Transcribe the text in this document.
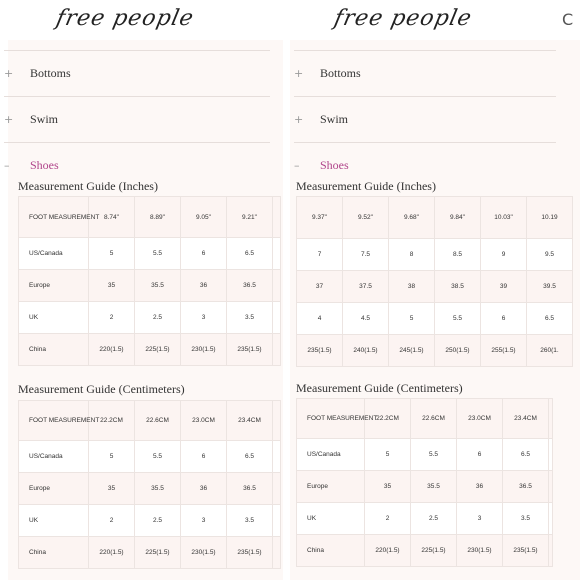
free people
+	Bottoms
+	Swim
–	Shoes
Measurement Guide (Inches)
FOOT MEASUREMENT	8.74"	8.89"	9.05"	9.21"	
US/Canada	5	5.5	6	6.5	
Europe	35	35.5	36	36.5	
UK	2	2.5	3	3.5	
China	220(1.5)	225(1.5)	230(1.5)	235(1.5)	
Measurement Guide (Centimeters)
FOOT MEASUREMENT	22.2CM	22.6CM	23.0CM	23.4CM	
US/Canada	5	5.5	6	6.5	
Europe	35	35.5	36	36.5	
UK	2	2.5	3	3.5	
China	220(1.5)	225(1.5)	230(1.5)	235(1.5)	
free people	C
+	Bottoms
+	Swim
–	Shoes
Measurement Guide (Inches)
9.37"	9.52"	9.68"	9.84"	10.03"	10.19
7	7.5	8	8.5	9	9.5
37	37.5	38	38.5	39	39.5
4	4.5	5	5.5	6	6.5
235(1.5)	240(1.5)	245(1.5)	250(1.5)	255(1.5)	260(1.
Measurement Guide (Centimeters)
FOOT MEASUREMENT	22.2CM	22.6CM	23.0CM	23.4CM	
US/Canada	5	5.5	6	6.5	
Europe	35	35.5	36	36.5	
UK	2	2.5	3	3.5	
China	220(1.5)	225(1.5)	230(1.5)	235(1.5)	
